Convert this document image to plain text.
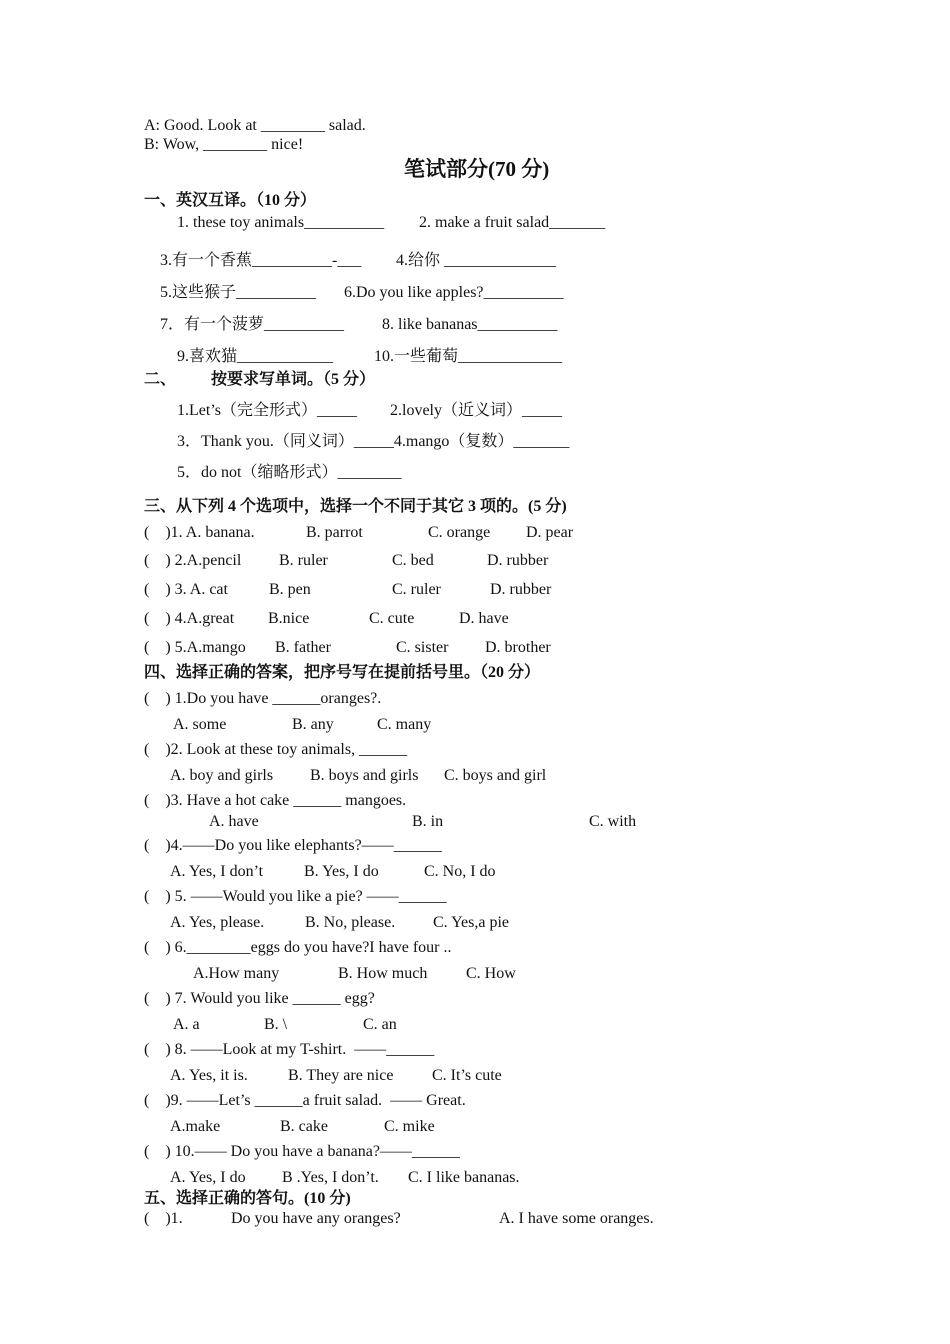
A: Good. Look at ________ salad.
B: Wow, ________ nice!
笔试部分(70 分)
一、英汉互译。（10 分）
1. these toy animals__________ 2. make a fruit salad_______
3.有一个香蕉__________-___ 4.给你 ______________
5.这些猴子__________ 6.Do you like apples?__________
7．有一个菠萝__________ 8. like bananas__________
9.喜欢猫____________	10.一些葡萄_____________
二、 按要求写单词。（5 分）
1.Let’s（完全形式）_____ 2.lovely（近义词）_____
3．Thank you.（同义词）_____4.mango（复数）_______
5．do not（缩略形式）________
三、从下列 4 个选项中，选择一个不同于其它 3 项的。(5 分)
(    )1. A. banana.	B. parrot	C. orange D. pear
(    ) 2.A.pencil B. ruler	C. bed	D. rubber
(    ) 3. A. cat	B. pen	C. ruler	D. rubber
(    ) 4.A.great B.nice	C. cute	D. have
(    ) 5.A.mango B. father	C. sister D. brother
四、选择正确的答案，把序号写在提前括号里。（20 分）
(    ) 1.Do you have ______oranges?.
A. some	B. any	C. many
(    )2. Look at these toy animals, ______
A. boy and girls B. boys and girls C. boys and girl
(    )3. Have a hot cake ______ mangoes.
A. have	B. in	C. with
(    )4.——Do you like elephants?——______
A. Yes, I don’t	B. Yes, I do	C. No, I do
(    ) 5. ——Would you like a pie? ——______
A. Yes, please.	B. No, please. C. Yes,a pie
(    ) 6.________eggs do you have?I have four ..
A.How many	B. How much C. How
(    ) 7. Would you like ______ egg?
A. a	B. \	C. an
(    ) 8. ——Look at my T-shirt.  ——______
A. Yes, it is.	B. They are nice C. It’s cute
(    )9. ——Let’s ______a fruit salad.  —— Great.
A.make	B. cake	C. mike
(    ) 10.—— Do you have a banana?——______
A. Yes, I do B .Yes, I don’t. C. I like bananas.
五、选择正确的答句。(10 分)
(    )1.	Do you have any oranges?	A. I have some oranges.
